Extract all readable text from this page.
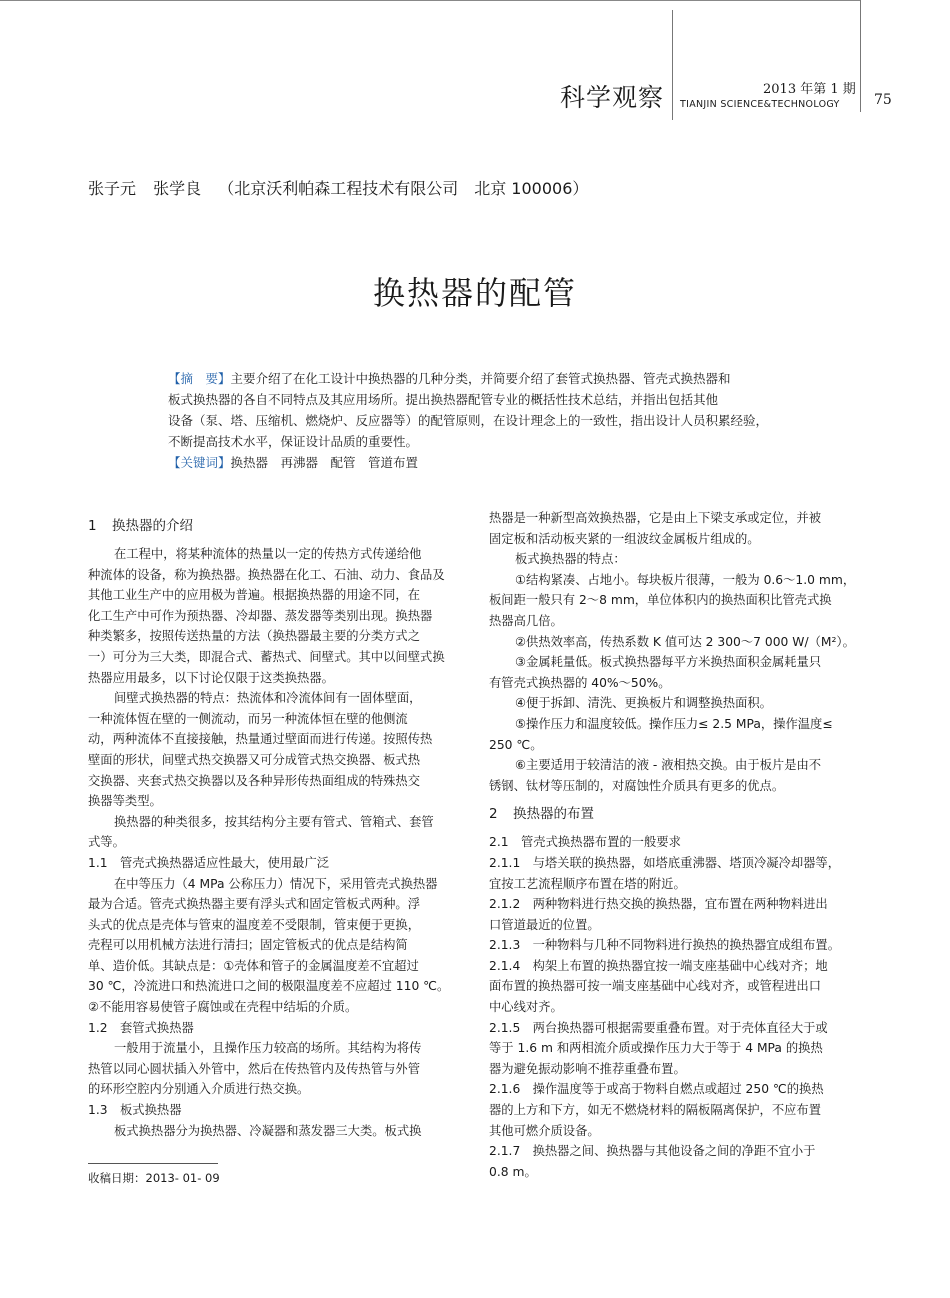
科学观察	2013 年第 1 期
TIANJIN SCIENCE&TECHNOLOGY 75
张子元 张学良 （北京沃利帕森工程技术有限公司　北京 100006）
换热器的配管
【摘　要】主要介绍了在化工设计中换热器的几种分类，并简要介绍了套管式换热器、管壳式换热器和
板式换热器的各自不同特点及其应用场所。提出换热器配管专业的概括性技术总结，并指出包括其他
设备（泵、塔、压缩机、燃烧炉、反应器等）的配管原则，在设计理念上的一致性，指出设计人员积累经验，
不断提高技术水平，保证设计品质的重要性。
【关键词】换热器　再沸器　配管　管道布置
1 换热器的介绍
在工程中，将某种流体的热量以一定的传热方式传递给他
种流体的设备，称为换热器。换热器在化工、石油、动力、食品及
其他工业生产中的应用极为普遍。根据换热器的用途不同，在
化工生产中可作为预热器、冷却器、蒸发器等类别出现。换热器
种类繁多，按照传送热量的方法（换热器最主要的分类方式之
一）可分为三大类，即混合式、蓄热式、间壁式。其中以间壁式换
热器应用最多，以下讨论仅限于这类换热器。
间壁式换热器的特点：热流体和冷流体间有一固体壁面，
一种流体恆在壁的一侧流动，而另一种流体恒在壁的他侧流
动，两种流体不直接接触，热量通过壁面而进行传递。按照传热
壁面的形状，间壁式热交换器又可分成管式热交换器、板式热
交换器、夹套式热交换器以及各种异形传热面组成的特殊热交
换器等类型。
换热器的种类很多，按其结构分主要有管式、管箱式、套管
式等。
1.1 管壳式换热器适应性最大，使用最广泛
在中等压力（4 MPa 公称压力）情况下，采用管壳式换热器
最为合适。管壳式换热器主要有浮头式和固定管板式两种。浮
头式的优点是壳体与管束的温度差不受限制，管束便于更换，
壳程可以用机械方法进行清扫；固定管板式的优点是结构简
单、造价低。其缺点是：①壳体和管子的金属温度差不宜超过
30 ℃，冷流进口和热流进口之间的极限温度差不应超过 110 ℃。
②不能用容易使管子腐蚀或在壳程中结垢的介质。
1.2 套管式换热器
一般用于流量小，且操作压力较高的场所。其结构为将传
热管以同心圆状插入外管中，然后在传热管内及传热管与外管
的环形空腔内分别通入介质进行热交换。
1.3 板式换热器
板式换热器分为换热器、冷凝器和蒸发器三大类。板式换
热器是一种新型高效换热器，它是由上下梁支承或定位，并被
固定板和活动板夹紧的一组波纹金属板片组成的。
板式换热器的特点：
①结构紧凑、占地小。每块板片很薄，一般为 0.6～1.0 mm，
板间距一般只有 2～8 mm，单位体积内的换热面积比管壳式换
热器高几倍。
②供热效率高，传热系数 K 值可达 2 300～7 000 W/（M²）。
③金属耗量低。板式换热器每平方米换热面积金属耗量只
有管壳式换热器的 40%～50%。
④便于拆卸、清洗、更换板片和调整换热面积。
⑤操作压力和温度较低。操作压力≤ 2.5 MPa，操作温度≤
250 ℃。
⑥主要适用于较清洁的液 - 液相热交换。由于板片是由不
锈钢、钛材等压制的，对腐蚀性介质具有更多的优点。
2 换热器的布置
2.1 管壳式换热器布置的一般要求
2.1.1　与塔关联的换热器，如塔底重沸器、塔顶冷凝冷却器等，
宜按工艺流程顺序布置在塔的附近。
2.1.2　两种物料进行热交换的换热器，宜布置在两种物料进出
口管道最近的位置。
2.1.3　一种物料与几种不同物料进行换热的换热器宜成组布置。
2.1.4　构架上布置的换热器宜按一端支座基础中心线对齐；地
面布置的换热器可按一端支座基础中心线对齐，或管程进出口
中心线对齐。
2.1.5　两台换热器可根据需要重叠布置。对于壳体直径大于或
等于 1.6 m 和两相流介质或操作压力大于等于 4 MPa 的换热
器为避免振动影响不推荐重叠布置。
2.1.6　操作温度等于或高于物料自燃点或超过 250 ℃的换热
器的上方和下方，如无不燃烧材料的隔板隔离保护，不应布置
其他可燃介质设备。
2.1.7　换热器之间、换热器与其他设备之间的净距不宜小于
0.8 m。
收稿日期：2013- 01- 09
